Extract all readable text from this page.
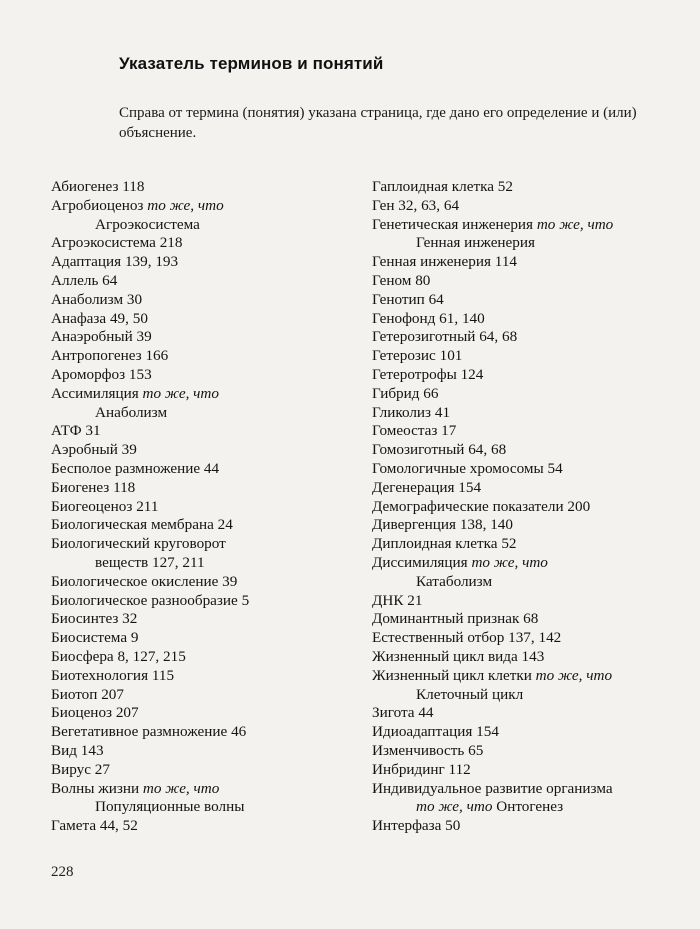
Указатель терминов и понятий

Справа от термина (понятия) указана страница, где дано его определение и (или) объяснение.

Абиогенез 118
Агробиоценоз то же, что
Агроэкосистема
Агроэкосистема 218
Адаптация 139, 193
Аллель 64
Анаболизм 30
Анафаза 49, 50
Анаэробный 39
Антропогенез 166
Ароморфоз 153
Ассимиляция то же, что
Анаболизм
АТФ 31
Аэробный 39
Бесполое размножение 44
Биогенез 118
Биогеоценоз 211
Биологическая мембрана 24
Биологический круговорот
веществ 127, 211
Биологическое окисление 39
Биологическое разнообразие 5
Биосинтез 32
Биосистема 9
Биосфера 8, 127, 215
Биотехнология 115
Биотоп 207
Биоценоз 207
Вегетативное размножение 46
Вид 143
Вирус 27
Волны жизни то же, что
Популяционные волны
Гамета 44, 52
Гаплоидная клетка 52
Ген 32, 63, 64
Генетическая инженерия то же, что
Генная инженерия
Генная инженерия 114
Геном 80
Генотип 64
Генофонд 61, 140
Гетерозиготный 64, 68
Гетерозис 101
Гетеротрофы 124
Гибрид 66
Гликолиз 41
Гомеостаз 17
Гомозиготный 64, 68
Гомологичные хромосомы 54
Дегенерация 154
Демографические показатели 200
Дивергенция 138, 140
Диплоидная клетка 52
Диссимиляция то же, что
Катаболизм
ДНК 21
Доминантный признак 68
Естественный отбор 137, 142
Жизненный цикл вида 143
Жизненный цикл клетки то же, что
Клеточный цикл
Зигота 44
Идиоадаптация 154
Изменчивость 65
Инбридинг 112
Индивидуальное развитие организма
то же, что Онтогенез
Интерфаза 50
228
